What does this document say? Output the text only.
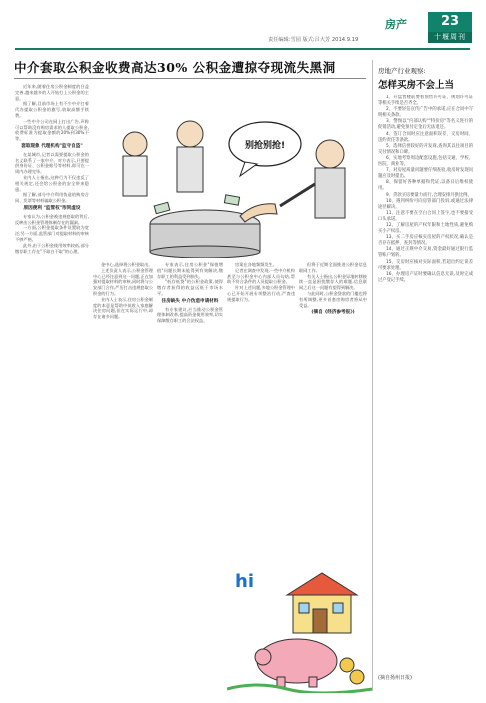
房产	23
十堰周刊
责任编辑:雪园 版式:吕大芳 2014.9.19
中介套取公积金收费高达30% 公积金遭掠夺现流失黑洞

近年来,随着住房公积金制度的日益完善,越来越多的人开始打上公积金的主意。

据了解,目前市场上有不少中介打着代办提取公积金的旗号,收取高额手续费。

一些中介公司在网上打出广告,声称可以帮助没有购房需求的人提取公积金,收费标准为提取金额的20%到30%不等。

套取现象 代理机构"监守自盗"

在某城市,记者以需要提取公积金的名义联系了一家中介。对方表示,只要提供身份证、公积金账号等材料,即可在一周内办理完毕。

业内人士指出,这种行为不仅违反了相关规定,还会给公积金的安全带来隐患。

据了解,部分中介利用伪造的购房合同、发票等材料骗取公积金。

原因便利 "监管权"形同虚设

专家认为,公积金被违规套取的背后,反映出公积金管理体制存在的漏洞。

一方面,公积金提取条件设置较为宽泛;另一方面,监管部门对提取材料的审核不够严格。

此外,由于公积金使用效率较低,部分缴存职工存在"不取白不取"的心理。

别抢别抢!

金中心,选择将公积金取出。

上述负责人表示,公积金管理中心已经注意到这一问题,正在加强对提取材料的审核,同时将与公安部门合作,严厉打击违规套取公积金的行为。

业内人士表示,住房公积金制度的本意是帮助中低收入家庭解决住房问题,但在实际运行中,却存在诸多问题。

专家表示,住房公积金"保值增值"问题长期未能得到有效解决,缴存职工的利益受到损失。

"低存低贷"的公积金政策,使得缴存者获得的收益远低于市场水平。

住房缺失 中介伪造申请材料

有专家建议,应当推动公积金管理体制改革,提高资金使用效率,切实保障缴存职工的合法权益。

房案在各地频频发生。

记者在调查中发现,一些中介机构甚至与公积金中心内部人员勾结,帮助不符合条件的人员提取公积金。

针对上述问题,多地公积金管理中心已开始开展专项整治行动,严查违规提取行为。

但将于近期全面推进公积金信息联网工作。

有关人士指出,公积金异地转移接续一直是困扰缴存人的难题,信息联网之后这一问题有望得到解决。

与此同时,公积金贷款的门槛也将有所调整,更多首套房购房者将从中受益。

(摘自《经济参考报》)
hi
房地产行业观察:
怎样买房不会上当

1、开盘售楼前要看预售许可证、规划许可证等相关手续是否齐全。

2、不要轻信宣传广告中的承诺,应在合同中写明相关条款。

3、警惕以"内部认购""特价房"等名义进行的促销活动,避免预付定金后无法退还。

4、签订合同时应注意面积误差、交房时间、违约责任等条款。

5、选择信誉较好的开发商,查询其以往项目的交付情况和口碑。

6、实地考察周边配套设施,包括交通、学校、医院、商业等。

7、对房屋质量问题要仔细查验,收房时发现问题应及时提出。

8、保留好各种单据和凭证,以备日后维权使用。

9、贷款买房要量力而行,合理安排月供比例。

10、遇到纠纷可向房管部门投诉,或通过法律途径解决。

11、注意不要在空白合同上签字,也不要接受口头承诺。

12、了解房屋的产权年限和土地性质,避免购买小产权房。

13、买二手房应核实房屋的产权状况,确认是否存在抵押、查封等情况。

14、通过正规中介交易,资金最好通过银行监管账户划转。

15、交房时应核对实际面积,若超出约定误差可要求处理。

16、办理房产证时要确认信息无误,及时完成过户登记手续。

(摘自扬州日报)
